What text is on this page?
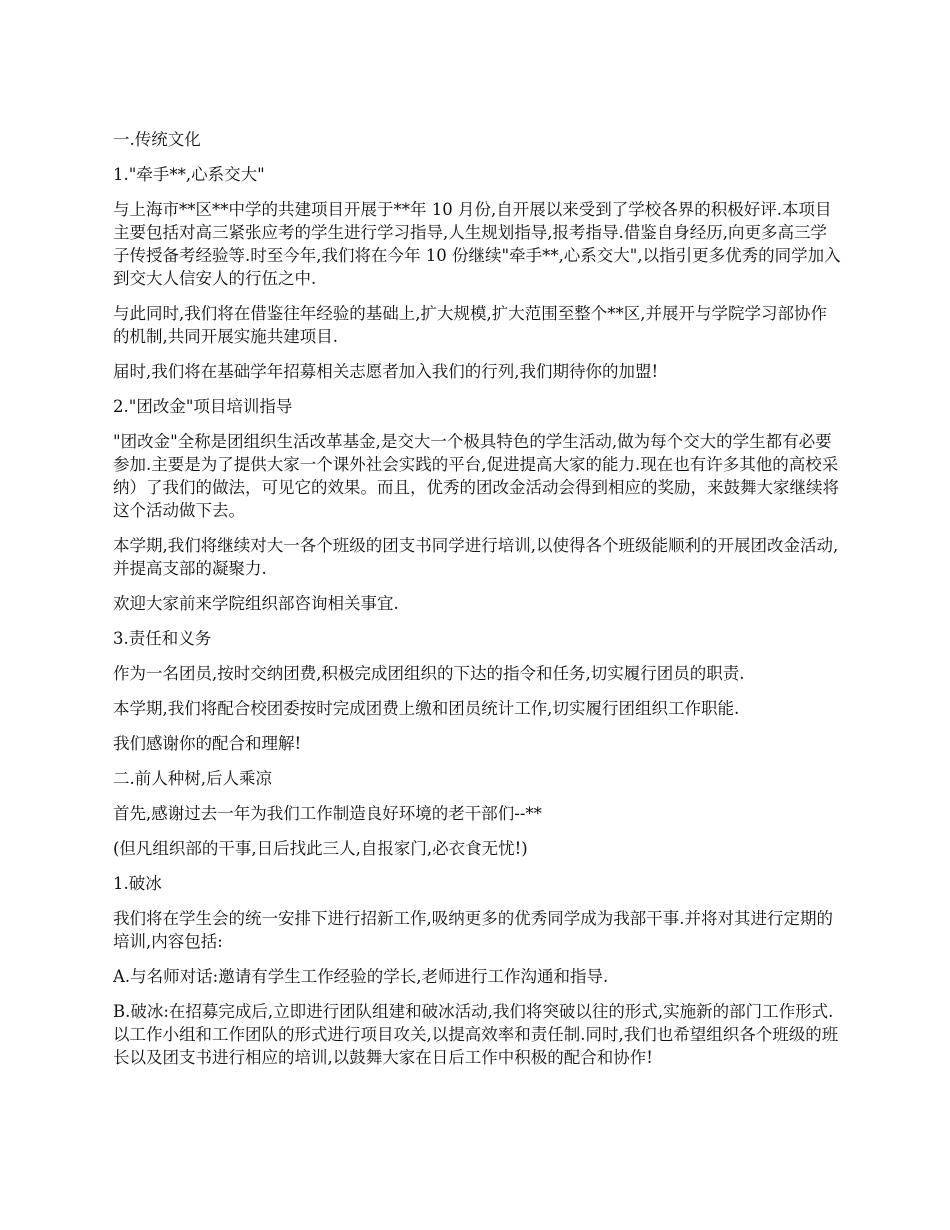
一.传统文化

1."牵手**,心系交大"

与上海市**区**中学的共建项目开展于**年 10 月份,自开展以来受到了学校各界的积极好评.本项目主要包括对高三紧张应考的学生进行学习指导,人生规划指导,报考指导.借鉴自身经历,向更多高三学子传授备考经验等.时至今年,我们将在今年 10 份继续"牵手**,心系交大",以指引更多优秀的同学加入到交大人信安人的行伍之中.

与此同时,我们将在借鉴往年经验的基础上,扩大规模,扩大范围至整个**区,并展开与学院学习部协作的机制,共同开展实施共建项目.

届时,我们将在基础学年招募相关志愿者加入我们的行列,我们期待你的加盟!

2."团改金"项目培训指导

"团改金"全称是团组织生活改革基金,是交大一个极具特色的学生活动,做为每个交大的学生都有必要参加.主要是为了提供大家一个课外社会实践的平台,促进提高大家的能力.现在也有许多其他的高校采纳）了我们的做法，可见它的效果。而且，优秀的团改金活动会得到相应的奖励，来鼓舞大家继续将这个活动做下去。

本学期,我们将继续对大一各个班级的团支书同学进行培训,以使得各个班级能顺利的开展团改金活动,并提高支部的凝聚力.

欢迎大家前来学院组织部咨询相关事宜.

3.责任和义务

作为一名团员,按时交纳团费,积极完成团组织的下达的指令和任务,切实履行团员的职责.

本学期,我们将配合校团委按时完成团费上缴和团员统计工作,切实履行团组织工作职能.

我们感谢你的配合和理解!

二.前人种树,后人乘凉

首先,感谢过去一年为我们工作制造良好环境的老干部们--**

(但凡组织部的干事,日后找此三人,自报家门,必衣食无忧!)

1.破冰

我们将在学生会的统一安排下进行招新工作,吸纳更多的优秀同学成为我部干事.并将对其进行定期的培训,内容包括:

A.与名师对话:邀请有学生工作经验的学长,老师进行工作沟通和指导.

B.破冰:在招募完成后,立即进行团队组建和破冰活动,我们将突破以往的形式,实施新的部门工作形式.以工作小组和工作团队的形式进行项目攻关,以提高效率和责任制.同时,我们也希望组织各个班级的班长以及团支书进行相应的培训,以鼓舞大家在日后工作中积极的配合和协作!
